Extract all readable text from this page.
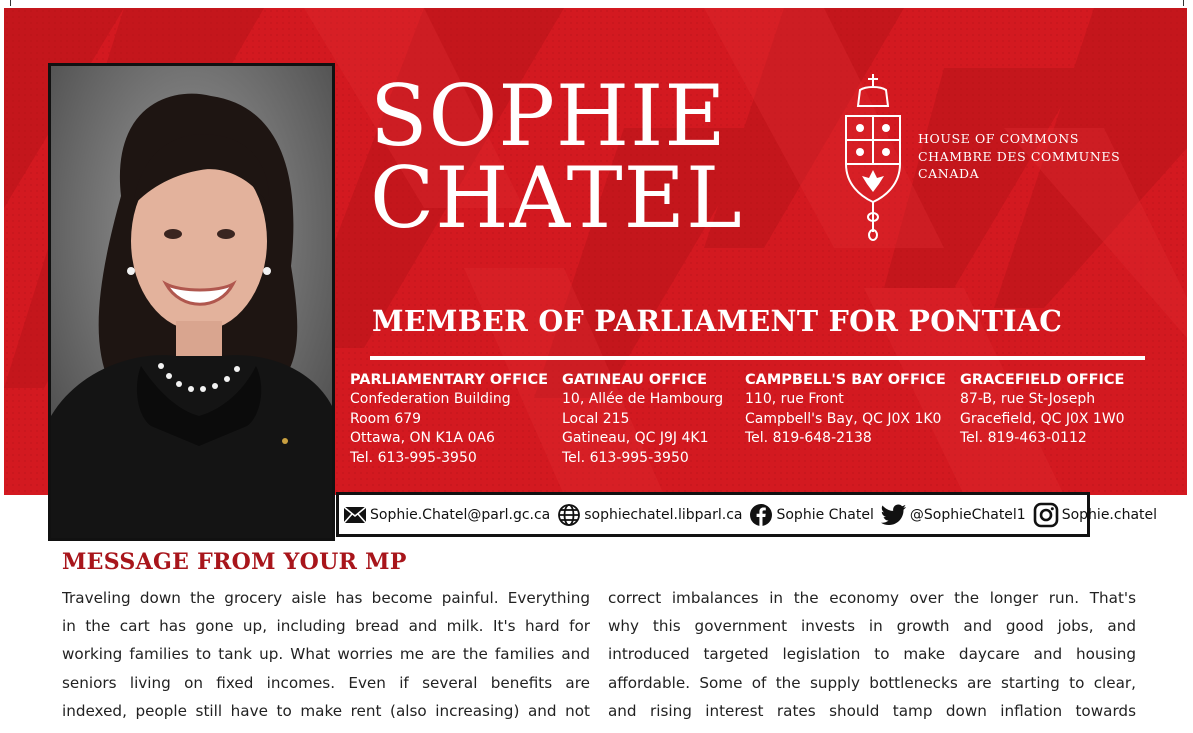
SOPHIE
CHATEL
HOUSE OF COMMONS
CHAMBRE DES COMMUNES
CANADA
MEMBER OF PARLIAMENT FOR PONTIAC
PARLIAMENTARY OFFICE
Confederation Building
Room 679
Ottawa, ON K1A 0A6
Tel. 613-995-3950
GATINEAU OFFICE
10, Allée de Hambourg
Local 215
Gatineau, QC J9J 4K1
Tel. 613-995-3950
CAMPBELL'S BAY OFFICE
110, rue Front
Campbell's Bay, QC J0X 1K0
Tel. 819-648-2138
GRACEFIELD OFFICE
87-B, rue St-Joseph
Gracefield, QC J0X 1W0
Tel. 819-463-0112
Sophie.Chatel@parl.gc.ca sophiechatel.libparl.ca Sophie Chatel	@SophieChatel1	Sophie.chatel
MESSAGE FROM YOUR MP
Traveling down the grocery aisle has become painful. Everything
in the cart has gone up, including bread and milk. It's hard for
working families to tank up. What worries me are the families and
seniors living on fixed incomes. Even if several benefits are
indexed, people still have to make rent (also increasing) and not
correct imbalances in the economy over the longer run. That's
why this government invests in growth and good jobs, and
introduced targeted legislation to make daycare and housing
affordable. Some of the supply bottlenecks are starting to clear,
and rising interest rates should tamp down inflation towards
